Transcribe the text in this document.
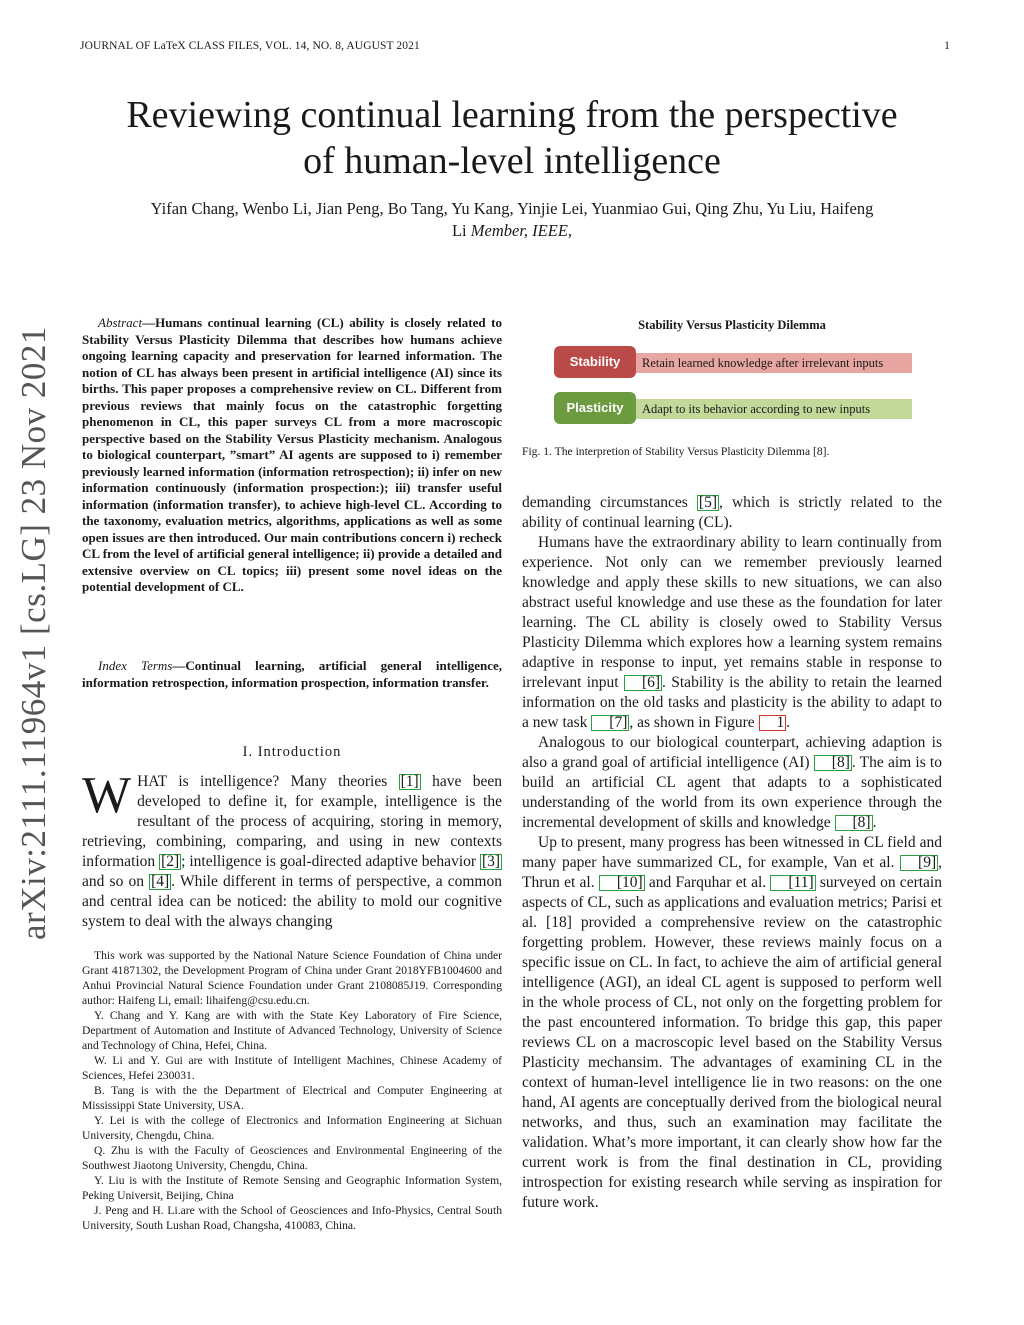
JOURNAL OF LaTeX CLASS FILES, VOL. 14, NO. 8, AUGUST 2021	1
Reviewing continual learning from the perspective
of human-level intelligence
Yifan Chang, Wenbo Li, Jian Peng, Bo Tang, Yu Kang, Yinjie Lei, Yuanmiao Gui, Qing Zhu, Yu Liu, Haifeng
Li Member, IEEE,
arXiv:2111.11964v1 [cs.LG] 23 Nov 2021

Abstract—Humans continual learning (CL) ability is closely related to Stability Versus Plasticity Dilemma that describes how humans achieve ongoing learning capacity and preservation for learned information. The notion of CL has always been present in artificial intelligence (AI) since its births. This paper proposes a comprehensive review on CL. Different from previous reviews that mainly focus on the catastrophic forgetting phenomenon in CL, this paper surveys CL from a more macroscopic perspective based on the Stability Versus Plasticity mechanism. Analogous to biological counterpart, ”smart” AI agents are supposed to i) remember previously learned information (information retrospection); ii) infer on new information continuously (information prospection:); iii) transfer useful information (information transfer), to achieve high-level CL. According to the taxonomy, evaluation metrics, algorithms, applications as well as some open issues are then introduced. Our main contributions concern i) recheck CL from the level of artificial general intelligence; ii) provide a detailed and extensive overview on CL topics; iii) present some novel ideas on the potential development of CL.

Index Terms—Continual learning, artificial general intelligence, information retrospection, information prospection, information transfer.

I. Introduction

WHAT is intelligence? Many theories [1] have been developed to define it, for example, intelligence is the resultant of the process of acquiring, storing in memory, retrieving, combining, comparing, and using in new contexts information [2] ; intelligence is goal-directed adaptive behavior [3] and so on [4] . While different in terms of perspective, a common and central idea can be noticed: the ability to mold our cognitive system to deal with the always changing

This work was supported by the National Nature Science Foundation of China under Grant 41871302, the Development Program of China under Grant 2018YFB1004600 and Anhui Provincial Natural Science Foundation under Grant 2108085J19. Corresponding author: Haifeng Li, email: lihaifeng@csu.edu.cn.

Y. Chang and Y. Kang are with with the State Key Laboratory of Fire Science, Department of Automation and Institute of Advanced Technology, University of Science and Technology of China, Hefei, China.

W. Li and Y. Gui are with Institute of Intelligent Machines, Chinese Academy of Sciences, Hefei 230031.

B. Tang is with the the Department of Electrical and Computer Engineering at Mississippi State University, USA.

Y. Lei is with the college of Electronics and Information Engineering at Sichuan University, Chengdu, China.

Q. Zhu is with the Faculty of Geosciences and Environmental Engineering of the Southwest Jiaotong University, Chengdu, China.

Y. Liu is with the Institute of Remote Sensing and Geographic Information System, Peking Universit, Beijing, China

J. Peng and H. Li.are with the School of Geosciences and Info-Physics, Central South University, South Lushan Road, Changsha, 410083, China.

Stability Versus Plasticity Dilemma
Stability	Retain learned knowledge after irrelevant inputs
Plasticity	Adapt to its behavior according to new inputs
Fig. 1. The interpretion of Stability Versus Plasticity Dilemma [8].

demanding circumstances [5] , which is strictly related to the ability of continual learning (CL).

Humans have the extraordinary ability to learn continually from experience. Not only can we remember previously learned knowledge and apply these skills to new situations, we can also abstract useful knowledge and use these as the foundation for later learning. The CL ability is closely owed to Stability Versus Plasticity Dilemma which explores how a learning system remains adaptive in response to input, yet remains stable in response to irrelevant input [6] . Stability is the ability to retain the learned information on the old tasks and plasticity is the ability to adapt to a new task [7] , as shown in Figure 1 .

Analogous to our biological counterpart, achieving adaption is also a grand goal of artificial intelligence (AI) [8] . The aim is to build an artificial CL agent that adapts to a sophisticated understanding of the world from its own experience through the incremental development of skills and knowledge [8] .

Up to present, many progress has been witnessed in CL field and many paper have summarized CL, for example, Van et al. [9] , Thrun et al. [10] and Farquhar et al. [11] surveyed on certain aspects of CL, such as applications and evaluation metrics; Parisi et al. [18] provided a comprehensive review on the catastrophic forgetting problem. However, these reviews mainly focus on a specific issue on CL. In fact, to achieve the aim of artificial general intelligence (AGI), an ideal CL agent is supposed to perform well in the whole process of CL, not only on the forgetting problem for the past encountered information. To bridge this gap, this paper reviews CL on a macroscopic level based on the Stability Versus Plasticity mechansim. The advantages of examining CL in the context of human-level intelligence lie in two reasons: on the one hand, AI agents are conceptually derived from the biological neural networks, and thus, such an examination may facilitate the validation. What’s more important, it can clearly show how far the current work is from the final destination in CL, providing introspection for existing research while serving as inspiration for future work.
